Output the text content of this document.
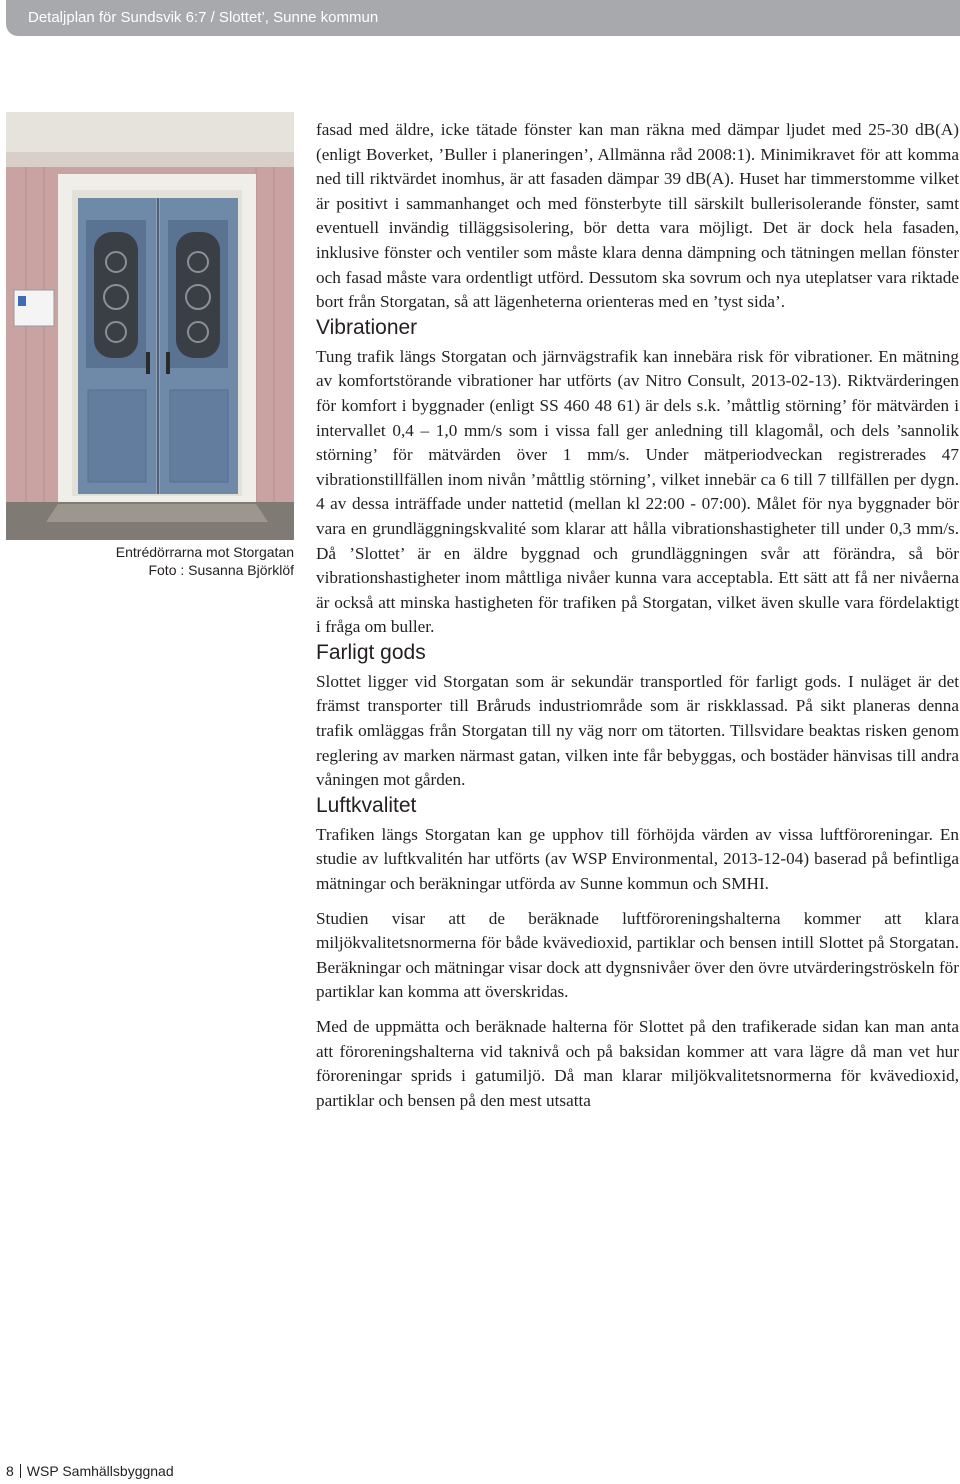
Detaljplan för Sundsvik 6:7 / Slottet’, Sunne kommun
Entrédörrarna mot Storgatan
Foto : Susanna Björklöf

fasad med äldre, icke tätade fönster kan man räkna med dämpar ljudet med 25-30 dB(A) (enligt Boverket, ’Buller i planeringen’, Allmänna råd 2008:1). Minimikravet för att komma ned till riktvärdet inomhus, är att fasaden dämpar 39 dB(A). Huset har timmerstomme vilket är positivt i sammanhanget och med fönsterbyte till särskilt bullerisolerande fönster, samt eventuell invändig tilläggsisolering, bör detta vara möjligt. Det är dock hela fasaden, inklusive fönster och ventiler som måste klara denna dämpning och tätningen mellan fönster och fasad måste vara ordentligt utförd. Dessutom ska sovrum och nya uteplatser vara riktade bort från Storgatan, så att lägenheterna orienteras med en ’tyst sida’.

Vibrationer

Tung trafik längs Storgatan och järnvägstrafik kan innebära risk för vibrationer. En mätning av komfortstörande vibrationer har utförts (av Nitro Consult, 2013-02-13). Riktvärderingen för komfort i byggnader (enligt SS 460 48 61) är dels s.k. ’måttlig störning’ för mätvärden i intervallet 0,4 – 1,0 mm/s som i vissa fall ger anledning till klagomål, och dels ’sannolik störning’ för mätvärden över 1 mm/s. Under mätperiodveckan registrerades 47 vibrationstillfällen inom nivån ’måttlig störning’, vilket innebär ca 6 till 7 tillfällen per dygn. 4 av dessa inträffade under nattetid (mellan kl 22:00 - 07:00). Målet för nya byggnader bör vara en grundläggningskvalité som klarar att hålla vibrationshastigheter till under 0,3 mm/s. Då ’Slottet’ är en äldre byggnad och grundläggningen svår att förändra, så bör vibrationshastigheter inom måttliga nivåer kunna vara acceptabla. Ett sätt att få ner nivåerna är också att minska hastigheten för trafiken på Storgatan, vilket även skulle vara fördelaktigt i fråga om buller.

Farligt gods

Slottet ligger vid Storgatan som är sekundär transportled för farligt gods. I nuläget är det främst transporter till Bråruds industriområde som är riskklassad. På sikt planeras denna trafik omläggas från Storgatan till ny väg norr om tätorten. Tillsvidare beaktas risken genom reglering av marken närmast gatan, vilken inte får bebyggas, och bostäder hänvisas till andra våningen mot gården.

Luftkvalitet

Trafiken längs Storgatan kan ge upphov till förhöjda värden av vissa luftföroreningar. En studie av luftkvalitén har utförts (av WSP Environmental, 2013-12-04) baserad på befintliga mätningar och beräkningar utförda av Sunne kommun och SMHI.

Studien visar att de beräknade luftföroreningshalterna kommer att klara miljökvalitetsnormerna för både kvävedioxid, partiklar och bensen intill Slottet på Storgatan. Beräkningar och mätningar visar dock att dygnsnivåer över den övre utvärderingströskeln för partiklar kan komma att överskridas.

Med de uppmätta och beräknade halterna för Slottet på den trafikerade sidan kan man anta att föroreningshalterna vid taknivå och på baksidan kommer att vara lägre då man vet hur föroreningar sprids i gatumiljö. Då man klarar miljökvalitetsnormerna för kvävedioxid, partiklar och bensen på den mest utsatta

8 WSP Samhällsbyggnad
